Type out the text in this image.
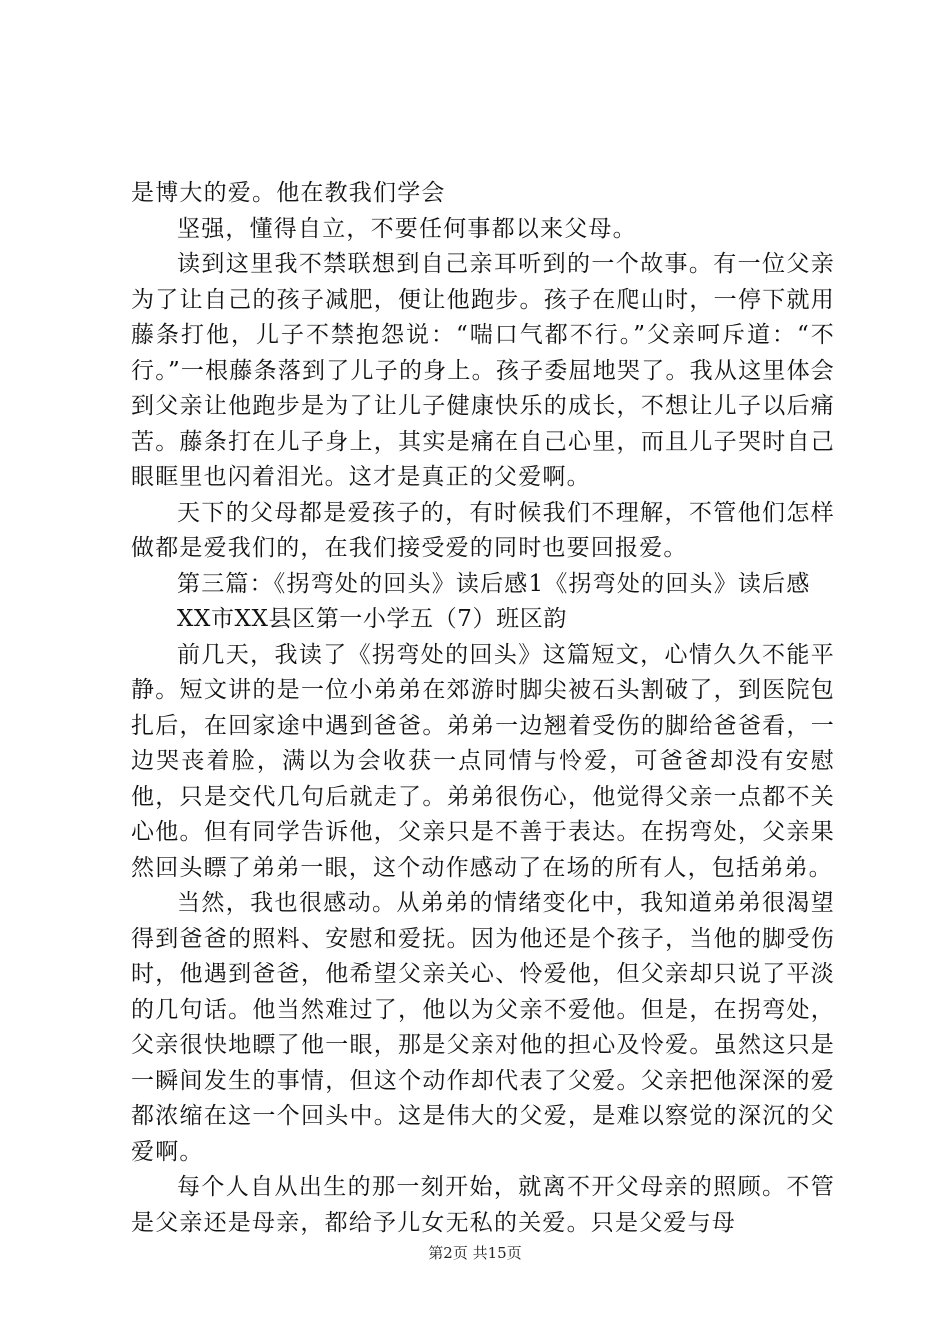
是博大的爱。他在教我们学会

坚强，懂得自立，不要任何事都以来父母。

读到这里我不禁联想到自己亲耳听到的一个故事。有一位父亲为了让自己的孩子减肥，便让他跑步。孩子在爬山时，一停下就用藤条打他，儿子不禁抱怨说：“喘口气都不行。”父亲呵斥道：“不行。”一根藤条落到了儿子的身上。孩子委屈地哭了。我从这里体会到父亲让他跑步是为了让儿子健康快乐的成长，不想让儿子以后痛苦。藤条打在儿子身上，其实是痛在自己心里，而且儿子哭时自己眼眶里也闪着泪光。这才是真正的父爱啊。

天下的父母都是爱孩子的，有时候我们不理解，不管他们怎样做都是爱我们的，在我们接受爱的同时也要回报爱。

第三篇：《拐弯处的回头》读后感1《拐弯处的回头》读后感

XX市XX县区第一小学五（7）班区韵

前几天，我读了《拐弯处的回头》这篇短文，心情久久不能平静。短文讲的是一位小弟弟在郊游时脚尖被石头割破了，到医院包扎后，在回家途中遇到爸爸。弟弟一边翘着受伤的脚给爸爸看，一边哭丧着脸，满以为会收获一点同情与怜爱，可爸爸却没有安慰他，只是交代几句后就走了。弟弟很伤心，他觉得父亲一点都不关心他。但有同学告诉他，父亲只是不善于表达。在拐弯处，父亲果然回头瞟了弟弟一眼，这个动作感动了在场的所有人，包括弟弟。

当然，我也很感动。从弟弟的情绪变化中，我知道弟弟很渴望得到爸爸的照料、安慰和爱抚。因为他还是个孩子，当他的脚受伤时，他遇到爸爸，他希望父亲关心、怜爱他，但父亲却只说了平淡的几句话。他当然难过了，他以为父亲不爱他。但是，在拐弯处，父亲很快地瞟了他一眼，那是父亲对他的担心及怜爱。虽然这只是一瞬间发生的事情，但这个动作却代表了父爱。父亲把他深深的爱都浓缩在这一个回头中。这是伟大的父爱，是难以察觉的深沉的父爱啊。

每个人自从出生的那一刻开始，就离不开父母亲的照顾。不管是父亲还是母亲，都给予儿女无私的关爱。只是父爱与母

第2页 共15页
